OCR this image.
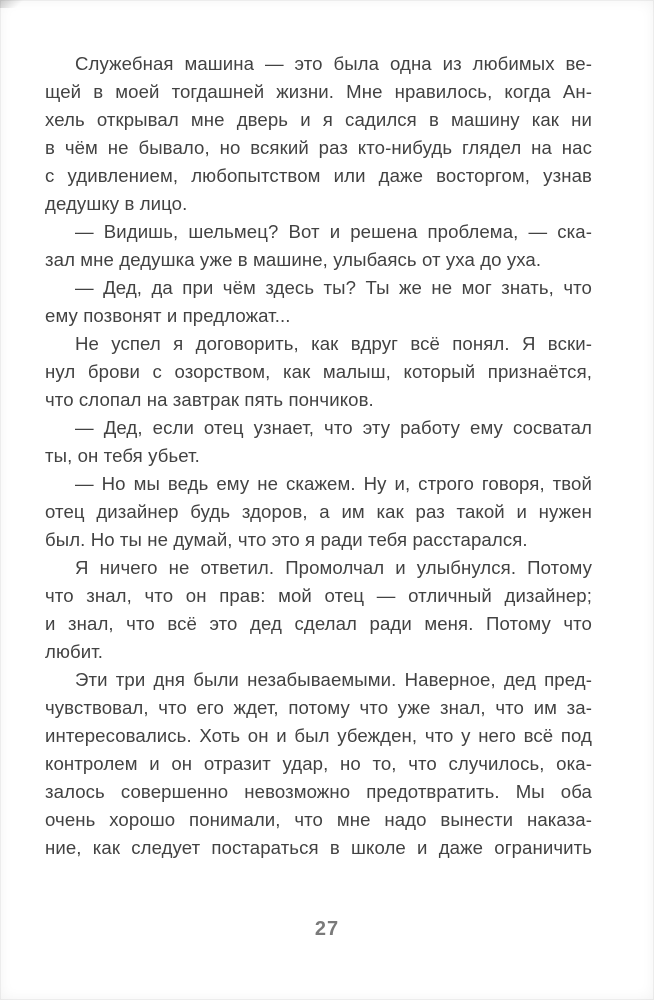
Служебная машина — это была одна из любимых ве-
щей в моей тогдашней жизни. Мне нравилось, когда Ан-
хель открывал мне дверь и я садился в машину как ни
в чём не бывало, но всякий раз кто-нибудь глядел на нас
с удивлением, любопытством или даже восторгом, узнав
дедушку в лицо.
— Видишь, шельмец? Вот и решена проблема, — ска-
зал мне дедушка уже в машине, улыбаясь от уха до уха.
— Дед, да при чём здесь ты? Ты же не мог знать, что
ему позвонят и предложат...
Не успел я договорить, как вдруг всё понял. Я вски-
нул брови с озорством, как малыш, который признаётся,
что слопал на завтрак пять пончиков.
— Дед, если отец узнает, что эту работу ему сосватал
ты, он тебя убьет.
— Но мы ведь ему не скажем. Ну и, строго говоря, твой
отец дизайнер будь здоров, а им как раз такой и нужен
был. Но ты не думай, что это я ради тебя расстарался.
Я ничего не ответил. Промолчал и улыбнулся. Потому
что знал, что он прав: мой отец — отличный дизайнер;
и знал, что всё это дед сделал ради меня. Потому что
любит.
Эти три дня были незабываемыми. Наверное, дед пред-
чувствовал, что его ждет, потому что уже знал, что им за-
интересовались. Хоть он и был убежден, что у него всё под
контролем и он отразит удар, но то, что случилось, ока-
залось совершенно невозможно предотвратить. Мы оба
очень хорошо понимали, что мне надо вынести наказа-
ние, как следует постараться в школе и даже ограничить
27
